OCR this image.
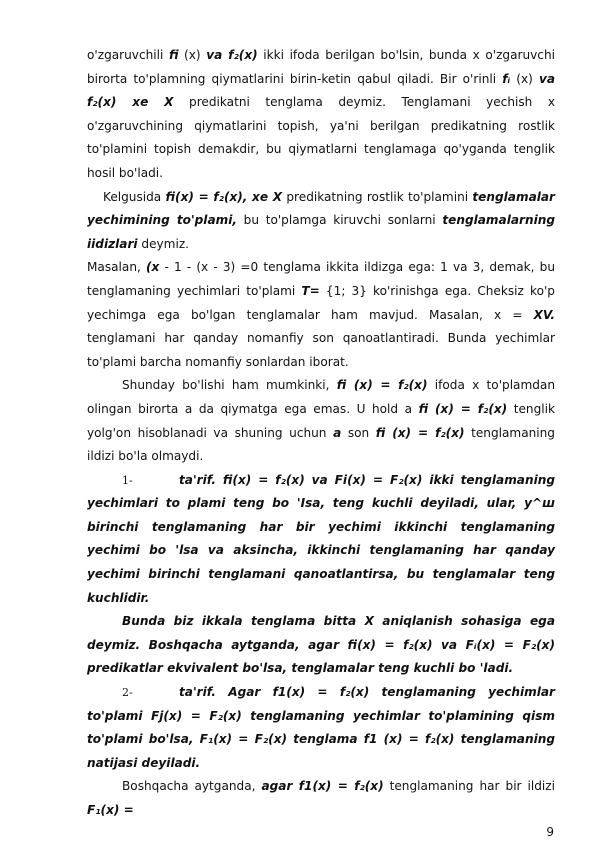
o'zgaruvchili fi (x) va f₂(x) ikki ifoda berilgan bo'lsin, bunda x o'zgaruvchi birorta to'plamning qiymatlarini birin-ketin qabul qiladi. Bir o'rinli fᵢ (x) va f₂(x) xe X predikatni tenglama deymiz. Tenglamani yechish x o'zgaruvchining qiymatlarini topish, ya'ni berilgan predikatning rostlik to'plamini topish demakdir, bu qiymatlarni tenglamaga qo'yganda tenglik hosil bo'ladi.

Kelgusida fi(x) = f₂(x), xe X predikatning rostlik to'plamini tenglamalar yechimining to'plami, bu to'plamga kiruvchi sonlarni tenglamalarning iidizlari deymiz.

Masalan, (x - 1 - (x - 3) =0 tenglama ikkita ildizga ega: 1 va 3, demak, bu tenglamaning yechimlari to'plami T= {1; 3} ko'rinishga ega. Cheksiz ko'p yechimga ega bo'lgan tenglamalar ham mavjud. Masalan, x = XV. tenglamani har qanday nomanfiy son qanoatlantiradi. Bunda yechimlar to'plami barcha nomanfiy sonlardan iborat.

Shunday bo'lishi ham mumkinki, fi (x) = f₂(x) ifoda x to'plamdan olingan birorta a da qiymatga ega emas. U hold a fi (x) = f₂(x) tenglik yolg'on hisoblanadi va shuning uchun a son fi (x) = f₂(x) tenglamaning ildizi bo'la olmaydi.

1-	ta'rif. fi(x) = f₂(x) va Fi(x) = F₂(x) ikki tenglamaning yechimlari to plami teng bo 'Isa, teng kuchli deyiladi, ular, y^ш birinchi tenglamaning har bir yechimi ikkinchi tenglamaning yechimi bo 'lsa va aksincha, ikkinchi tenglamaning har qanday yechimi birinchi tenglamani qanoatlantirsa, bu tenglamalar teng kuchlidir.

Bunda biz ikkala tenglama bitta X aniqlanish sohasiga ega deymiz. Boshqacha aytganda, agar fi(x) = f₂(x) va Fᵢ(x) = F₂(x) predikatlar ekvivalent bo'lsa, tenglamalar teng kuchli bo 'ladi.

2-	ta'rif. Agar f1(x) = f₂(x) tenglamaning yechimlar to'plami Fj(x) = F₂(x) tenglamaning yechimlar to'plamining qism to'plami bo'lsa, F₁(x) = F₂(x) tenglama f1 (x) = f₂(x) tenglamaning natijasi deyiladi.

Boshqacha aytganda, agar f1(x) = f₂(x) tenglamaning har bir ildizi F₁(x) =

9
